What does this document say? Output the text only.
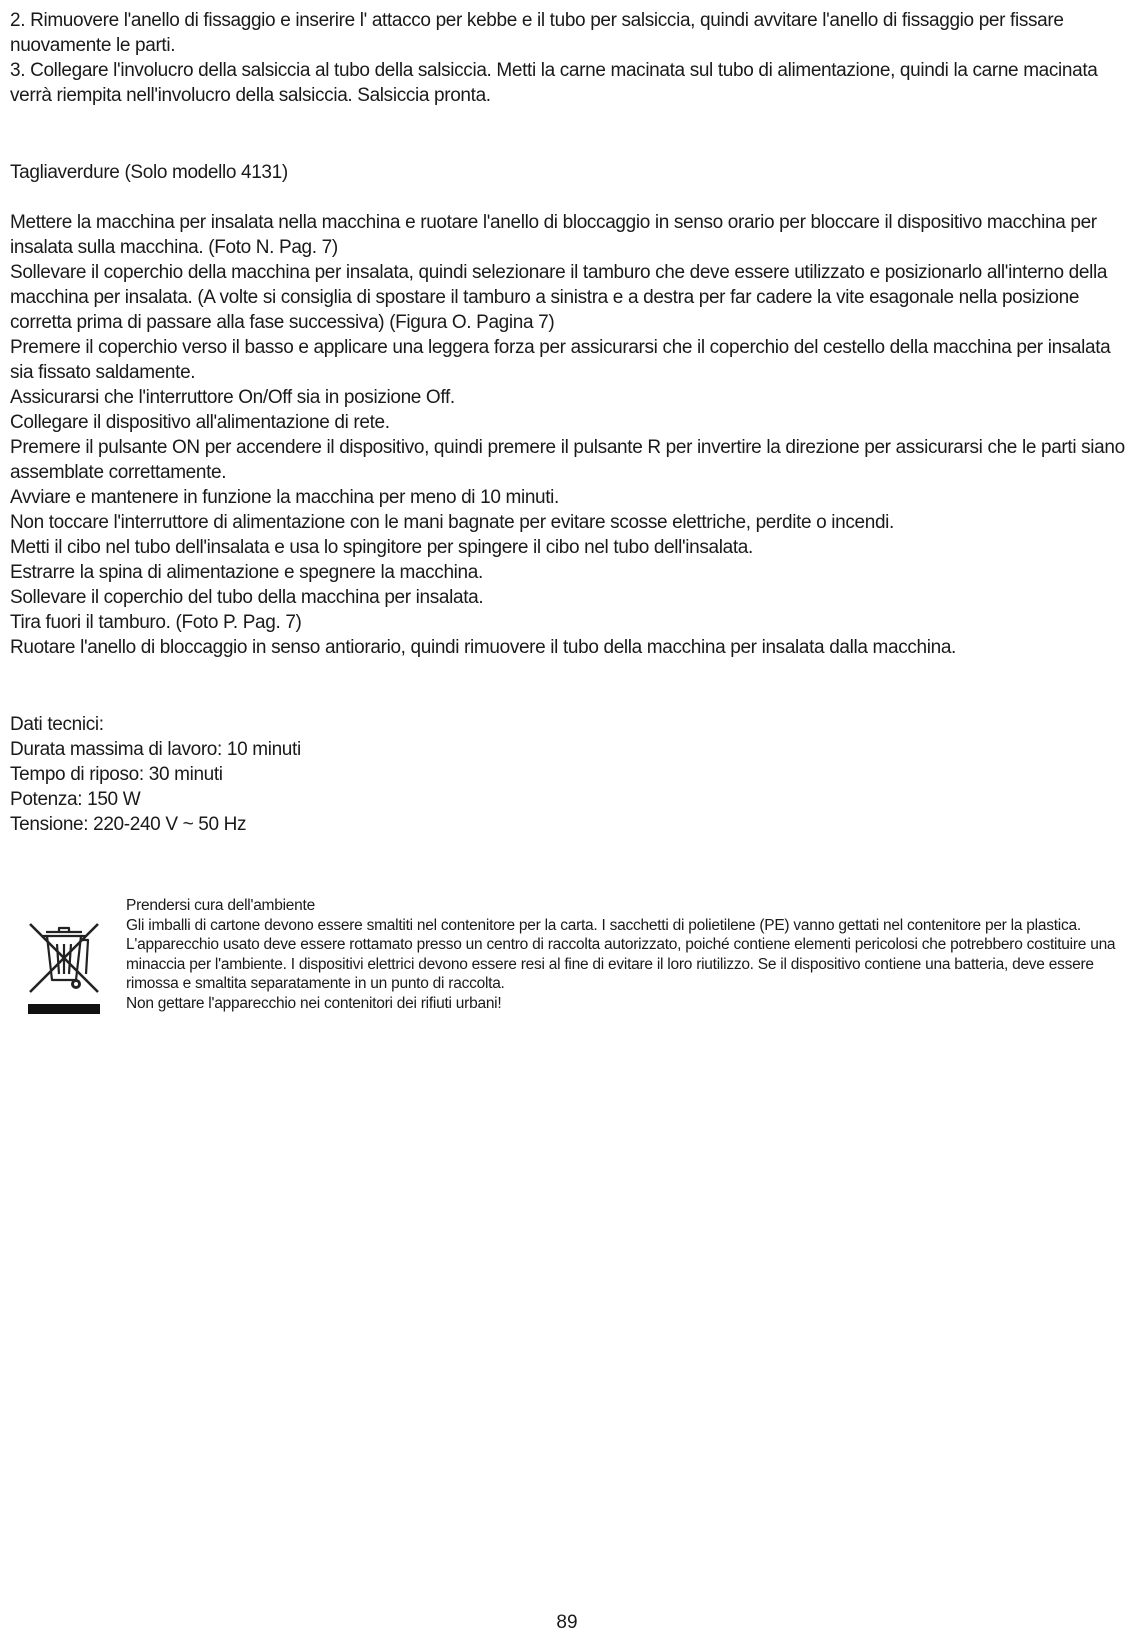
2. Rimuovere l'anello di fissaggio e inserire l' attacco per kebbe e il tubo per salsiccia, quindi avvitare l'anello di fissaggio per fissare nuovamente le parti.

3. Collegare l'involucro della salsiccia al tubo della salsiccia. Metti la carne macinata sul tubo di alimentazione, quindi la carne macinata verrà riempita nell'involucro della salsiccia. Salsiccia pronta.

Tagliaverdure (Solo modello 4131)

Mettere la macchina per insalata nella macchina e ruotare l'anello di bloccaggio in senso orario per bloccare il dispositivo macchina per insalata sulla macchina. (Foto N. Pag. 7)

Sollevare il coperchio della macchina per insalata, quindi selezionare il tamburo che deve essere utilizzato e posizionarlo all'interno della macchina per insalata. (A volte si consiglia di spostare il tamburo a sinistra e a destra per far cadere la vite esagonale nella posizione corretta prima di passare alla fase successiva) (Figura O. Pagina 7)

Premere il coperchio verso il basso e applicare una leggera forza per assicurarsi che il coperchio del cestello della macchina per insalata sia fissato saldamente.

Assicurarsi che l'interruttore On/Off sia in posizione Off.

Collegare il dispositivo all'alimentazione di rete.

Premere il pulsante ON per accendere il dispositivo, quindi premere il pulsante R per invertire la direzione per assicurarsi che le parti siano assemblate correttamente.

Avviare e mantenere in funzione la macchina per meno di 10 minuti.

Non toccare l'interruttore di alimentazione con le mani bagnate per evitare scosse elettriche, perdite o incendi.

Metti il cibo nel tubo dell'insalata e usa lo spingitore per spingere il cibo nel tubo dell'insalata.

Estrarre la spina di alimentazione e spegnere la macchina.

Sollevare il coperchio del tubo della macchina per insalata.

Tira fuori il tamburo. (Foto P. Pag. 7)

Ruotare l'anello di bloccaggio in senso antiorario, quindi rimuovere il tubo della macchina per insalata dalla macchina.

Dati tecnici:

Durata massima di lavoro: 10 minuti

Tempo di riposo: 30 minuti

Potenza: 150 W

Tensione: 220-240 V ~ 50 Hz

Prendersi cura dell'ambiente

Gli imballi di cartone devono essere smaltiti nel contenitore per la carta. I sacchetti di polietilene (PE) vanno gettati nel contenitore per la plastica. L'apparecchio usato deve essere rottamato presso un centro di raccolta autorizzato, poiché contiene elementi pericolosi che potrebbero costituire una minaccia per l'ambiente. I dispositivi elettrici devono essere resi al fine di evitare il loro riutilizzo. Se il dispositivo contiene una batteria, deve essere rimossa e smaltita separatamente in un punto di raccolta.

Non gettare l'apparecchio nei contenitori dei rifiuti urbani!

89
